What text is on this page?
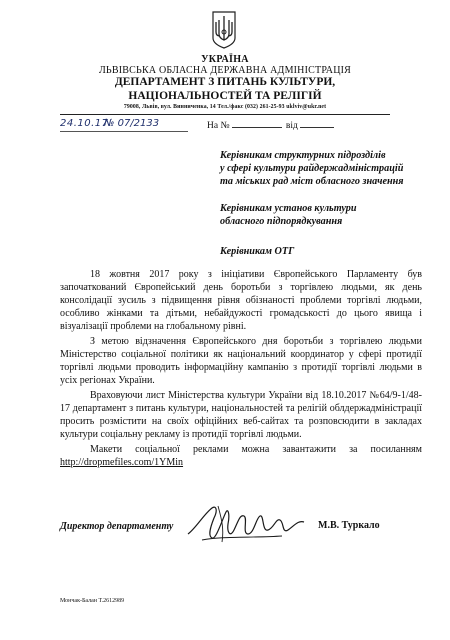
УКРАЇНА
ЛЬВІВСЬКА ОБЛАСНА ДЕРЖАВНА АДМІНІСТРАЦІЯ
ДЕПАРТАМЕНТ З ПИТАНЬ КУЛЬТУРИ,
НАЦІОНАЛЬНОСТЕЙ ТА РЕЛІГІЙ
79008, Львів, вул. Винниченка, 14 Тел./факс (032) 261-25-93 uklviv@ukr.net
24.10.17
№ 07/2133	На №	від
Керівникам структурних підрозділів
у сфері культури райдержадміністрацій
та міських рад міст обласного значення
Керівникам установ культури
обласного підпорядкування
Керівникам ОТГ

18 жовтня 2017 року з ініціативи Європейського Парламенту був започаткований Європейський день боротьби з торгівлею людьми, як день консолідації зусиль з підвищення рівня обізнаності проблеми торгівлі людьми, особливо жінками та дітьми, небайдужості громадськості до цього явища і візуалізації проблеми на глобальному рівні.

З метою відзначення Європейського дня боротьби з торгівлею людьми Міністерство соціальної політики як національний координатор у сфері протидії торгівлі людьми проводить інформаційну кампанію з протидії торгівлі людьми в усіх регіонах України.

Враховуючи лист Міністерства культури України від 18.10.2017 №64/9-1/48-17 департамент з питань культури, національностей та релігій облдержадміністрації просить розмістити на своїх офіційних веб-сайтах та розповсюдити в закладах культури соціальну рекламу із протидії торгівлі людьми.

Макети соціальної реклами можна завантажити за посиланням http://dropmefiles.com/1YMin

Директор департаменту	М.В. Туркало
Мончак-Балан Т.2612989
